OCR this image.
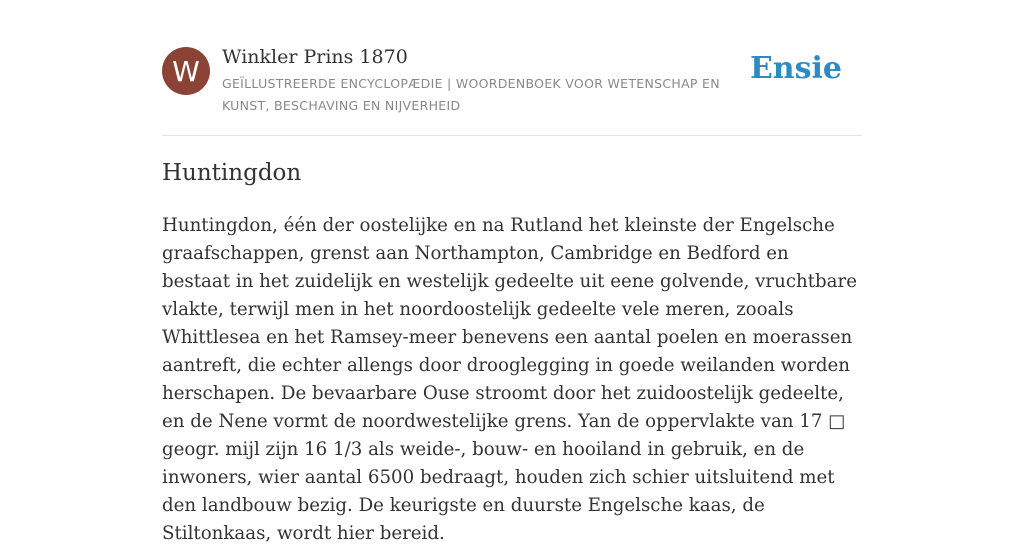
W	Winkler Prins 1870
GEÏLLUSTREERDE ENCYCLOPÆDIE | WOORDENBOEK VOOR WETENSCHAP EN KUNST, BESCHAVING EN NIJVERHEID
Ensie
Huntingdon

Huntingdon, één der oostelijke en na Rutland het kleinste der Engelsche graafschappen, grenst aan Northampton, Cambridge en Bedford en bestaat in het zuidelijk en westelijk gedeelte uit eene golvende, vruchtbare vlakte, terwijl men in het noordoostelijk gedeelte vele meren, zooals Whittlesea en het Ramsey-meer benevens een aantal poelen en moerassen aantreft, die echter allengs door drooglegging in goede weilanden worden herschapen. De bevaarbare Ouse stroomt door het zuidoostelijk gedeelte, en de Nene vormt de noordwestelijke grens. Yan de oppervlakte van 17 □ geogr. mijl zijn 16 1/3 als weide-, bouw- en hooiland in gebruik, en de inwoners, wier aantal 6500 bedraagt, houden zich schier uitsluitend met den landbouw bezig. De keurigste en duurste Engelsche kaas, de Stiltonkaas, wordt hier bereid.
